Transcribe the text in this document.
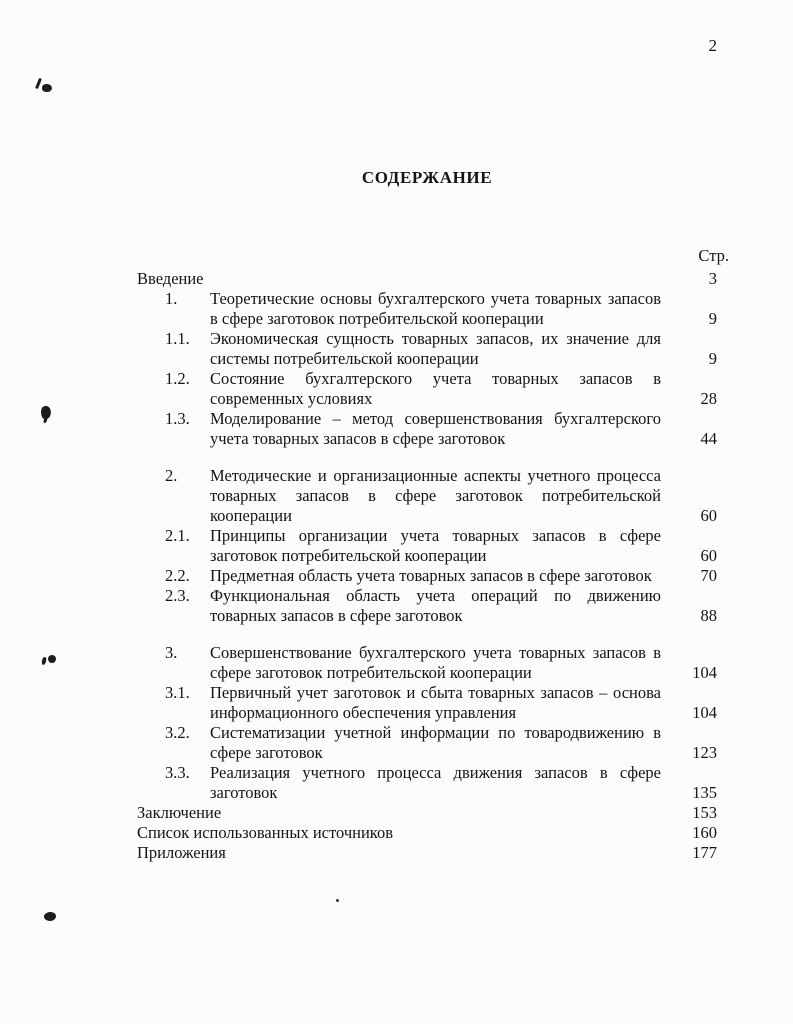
2
СОДЕРЖАНИЕ
Стр.
Введение	3
1.	Теоретические основы бухгалтерского учета товарных запасов в сфере заготовок потребительской кооперации	9
1.1.	Экономическая сущность товарных запасов, их значение для системы потребительской кооперации	9
1.2.	Состояние бухгалтерского учета товарных запасов в современных условиях	28
1.3.	Моделирование – метод совершенствования бухгалтерского учета товарных запасов в сфере заготовок	44
2.	Методические и организационные аспекты учетного процесса товарных запасов в сфере заготовок потребительской кооперации	60
2.1.	Принципы организации учета товарных запасов в сфере заготовок потребительской кооперации	60
2.2.	Предметная область учета товарных запасов в сфере заготовок	70
2.3.	Функциональная область учета операций по движению товарных запасов в сфере заготовок	88
3.	Совершенствование бухгалтерского учета товарных запасов в сфере заготовок потребительской кооперации	104
3.1.	Первичный учет заготовок и сбыта товарных запасов – основа информационного обеспечения управления	104
3.2.	Систематизации учетной информации по товародвижению в сфере заготовок	123
3.3.	Реализация учетного процесса движения запасов в сфере заготовок	135
Заключение	153
Список использованных источников	160
Приложения	177
